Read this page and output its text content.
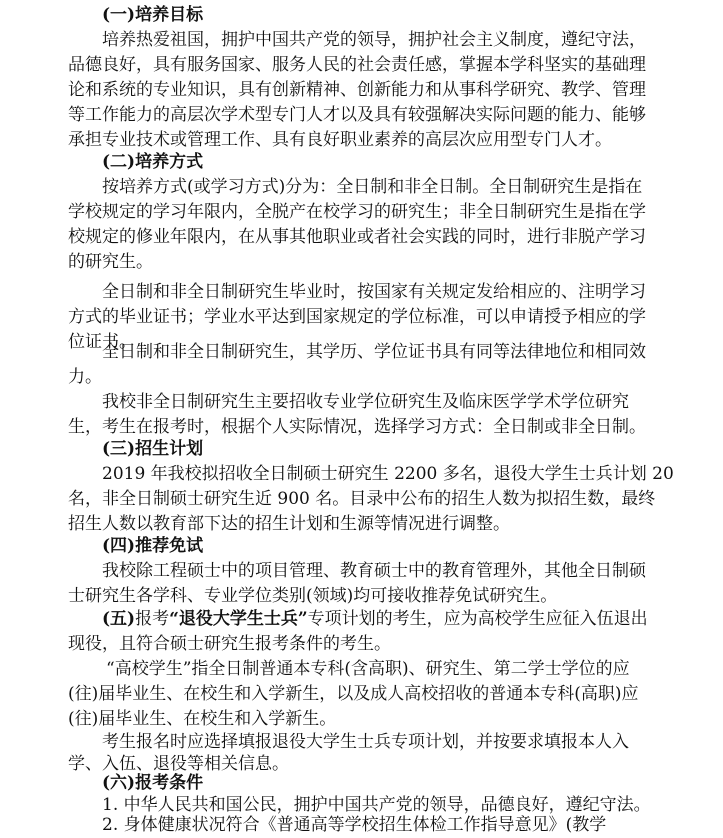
(一)培养目标
培养热爱祖国，拥护中国共产党的领导，拥护社会主义制度，遵纪守法，
品德良好，具有服务国家、服务人民的社会责任感，掌握本学科坚实的基础理
论和系统的专业知识，具有创新精神、创新能力和从事科学研究、教学、管理
等工作能力的高层次学术型专门人才以及具有较强解决实际问题的能力、能够
承担专业技术或管理工作、具有良好职业素养的高层次应用型专门人才。
(二)培养方式
按培养方式(或学习方式)分为：全日制和非全日制。全日制研究生是指在
学校规定的学习年限内，全脱产在校学习的研究生；非全日制研究生是指在学
校规定的修业年限内，在从事其他职业或者社会实践的同时，进行非脱产学习
的研究生。
全日制和非全日制研究生毕业时，按国家有关规定发给相应的、注明学习
方式的毕业证书；学业水平达到国家规定的学位标准，可以申请授予相应的学
位证书。
全日制和非全日制研究生，其学历、学位证书具有同等法律地位和相同效
力。
我校非全日制研究生主要招收专业学位研究生及临床医学学术学位研究
生，考生在报考时，根据个人实际情况，选择学习方式：全日制或非全日制。
(三)招生计划
2019 年我校拟招收全日制硕士研究生 2200 多名，退役大学生士兵计划 20
名，非全日制硕士研究生近 900 名。目录中公布的招生人数为拟招生数，最终
招生人数以教育部下达的招生计划和生源等情况进行调整。
(四)推荐免试
我校除工程硕士中的项目管理、教育硕士中的教育管理外，其他全日制硕
士研究生各学科、专业学位类别(领域)均可接收推荐免试研究生。
(五)报考“退役大学生士兵”专项计划的考生，应为高校学生应征入伍退出
现役，且符合硕士研究生报考条件的考生。
“高校学生”指全日制普通本专科(含高职)、研究生、第二学士学位的应
(往)届毕业生、在校生和入学新生，以及成人高校招收的普通本专科(高职)应
(往)届毕业生、在校生和入学新生。
考生报名时应选择填报退役大学生士兵专项计划，并按要求填报本人入
学、入伍、退役等相关信息。
(六)报考条件
1. 中华人民共和国公民，拥护中国共产党的领导，品德良好，遵纪守法。
2. 身体健康状况符合《普通高等学校招生体检工作指导意见》(教学
